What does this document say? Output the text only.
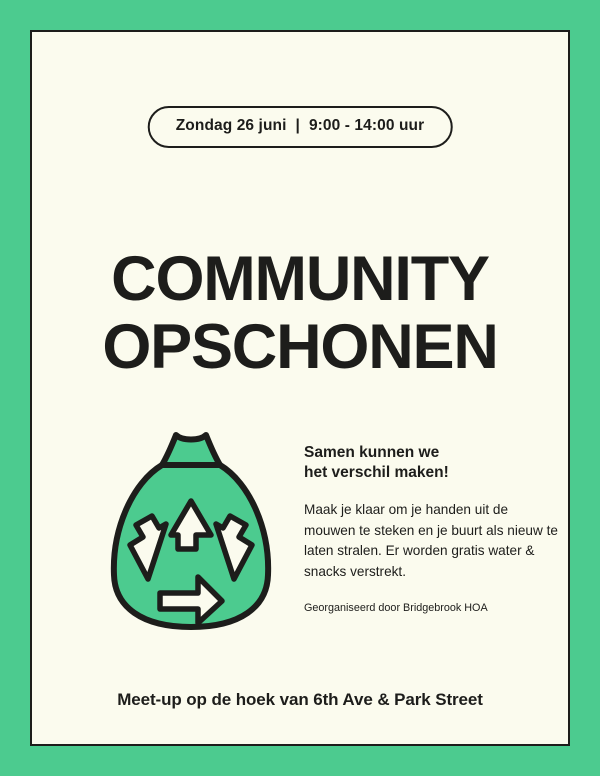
Zondag 26 juni | 9:00 - 14:00 uur
COMMUNITY
OPSCHONEN

Samen kunnen we
het verschil maken!

Maak je klaar om je handen uit de mouwen te steken en je buurt als nieuw te laten stralen. Er worden gratis water & snacks verstrekt.

Georganiseerd door Bridgebrook HOA
Meet-up op de hoek van 6th Ave & Park Street
